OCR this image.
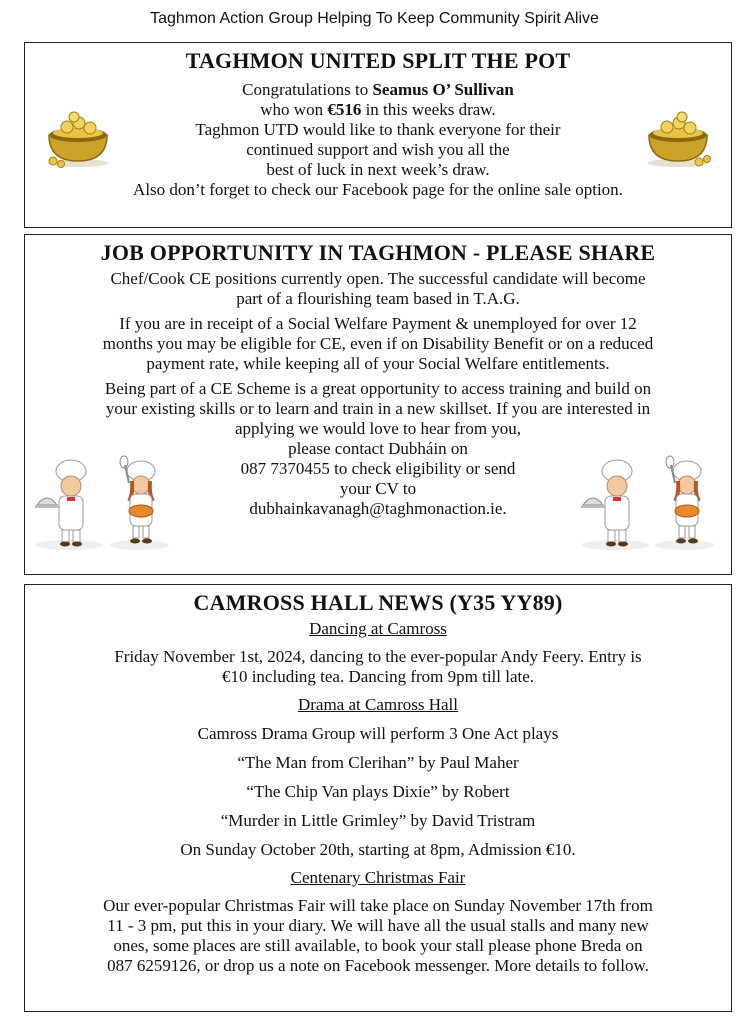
Taghmon Action Group Helping To Keep Community Spirit Alive
TAGHMON UNITED SPLIT THE POT
Congratulations to Seamus O’ Sullivan
who won €516 in this weeks draw.
Taghmon UTD would like to thank everyone for their
continued support and wish you all the
best of luck in next week’s draw.
Also don’t forget to check our Facebook page for the online sale option.
JOB OPPORTUNITY IN TAGHMON - PLEASE SHARE
Chef/Cook CE positions currently open. The successful candidate will become
part of a flourishing team based in T.A.G.
If you are in receipt of a Social Welfare Payment & unemployed for over 12
months you may be eligible for CE, even if on Disability Benefit or on a reduced
payment rate, while keeping all of your Social Welfare entitlements.
Being part of a CE Scheme is a great opportunity to access training and build on
your existing skills or to learn and train in a new skillset. If you are interested in
applying we would love to hear from you,
please contact Dubháin on
087 7370455 to check eligibility or send
your CV to
dubhainkavanagh@taghmonaction.ie.
CAMROSS HALL NEWS (Y35 YY89)
Dancing at Camross
Friday November 1st, 2024, dancing to the ever-popular Andy Feery. Entry is
€10 including tea. Dancing from 9pm till late.
Drama at Camross Hall
Camross Drama Group will perform 3 One Act plays
“The Man from Clerihan” by Paul Maher
“The Chip Van plays Dixie” by Robert
“Murder in Little Grimley” by David Tristram
On Sunday October 20th, starting at 8pm, Admission €10.
Centenary Christmas Fair
Our ever-popular Christmas Fair will take place on Sunday November 17th from
11 - 3 pm, put this in your diary. We will have all the usual stalls and many new
ones, some places are still available, to book your stall please phone Breda on
087 6259126, or drop us a note on Facebook messenger. More details to follow.
